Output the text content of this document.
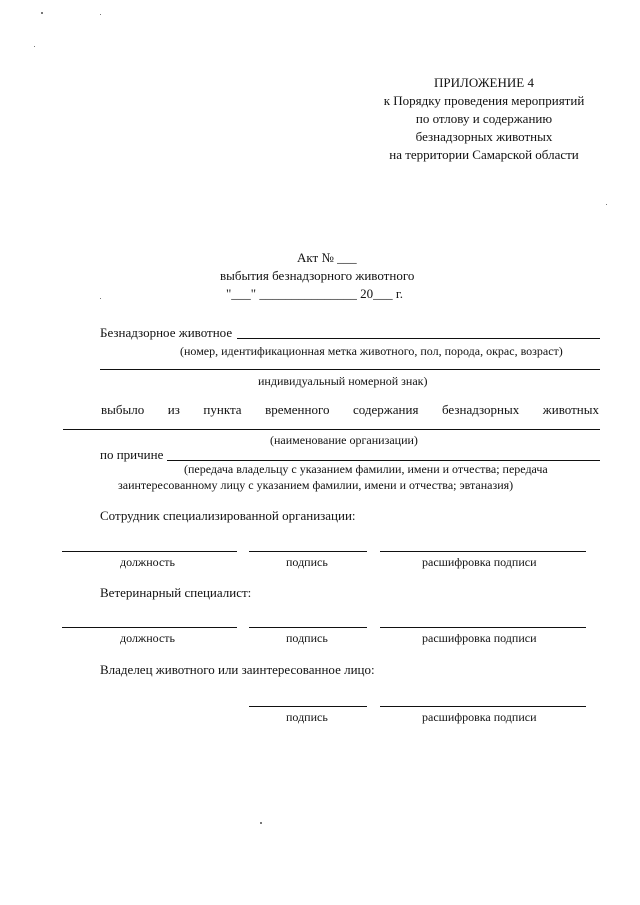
ПРИЛОЖЕНИЕ 4
к Порядку проведения мероприятий
по отлову и содержанию
безнадзорных животных
на территории Самарской области
Акт № ___
выбытия безнадзорного животного
"___" _______________ 20___ г.
Безнадзорное животное
(номер, идентификационная метка животного, пол, порода, окрас, возраст)
индивидуальный номерной знак)
выбыло из пункта временного содержания безнадзорных животных
(наименование организации)
по причине
(передача владельцу с указанием фамилии, имени и отчества; передача
заинтересованному лицу с указанием фамилии, имени и отчества; эвтаназия)
Сотрудник специализированной организации:
должность	подпись	расшифровка подписи
Ветеринарный специалист:
должность	подпись	расшифровка подписи
Владелец животного или заинтересованное лицо:
подпись	расшифровка подписи
